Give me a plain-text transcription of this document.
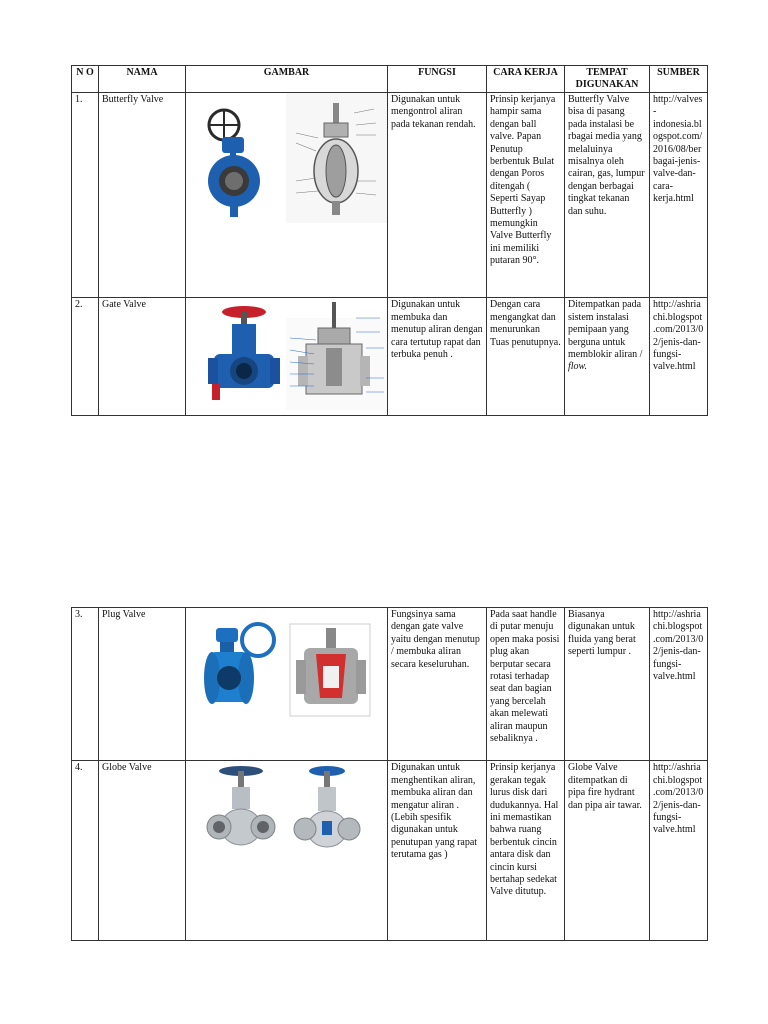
N O	NAMA	GAMBAR	FUNGSI	CARA KERJA	TEMPAT DIGUNAKAN	SUMBER
1.	Butterfly Valve		Digunakan untuk mengontrol aliran pada tekanan rendah.	Prinsip kerjanya hampir sama dengan ball valve. Papan Penutup berbentuk Bulat dengan Poros ditengah ( Seperti Sayap Butterfly ) memungkin Valve Butterfly ini memiliki putaran 90°.	Butterfly Valve bisa di pasang pada instalasi be rbagai media yang melaluinya misalnya oleh cairan, gas, lumpur dengan berbagai tingkat tekanan dan suhu.	http://valves-indonesia.blogspot.com/2016/08/berbagai-jenis-valve-dan-cara-kerja.html
2.	Gate Valve		Digunakan untuk membuka dan menutup aliran dengan cara tertutup rapat dan terbuka penuh .	Dengan cara mengangkat dan menurunkan Tuas penutupnya.	Ditempatkan pada sistem instalasi pemipaan yang berguna untuk memblokir aliran / flow.	http://ashriachi.blogspot.com/2013/02/jenis-dan-fungsi-valve.html
3.	Plug Valve		Fungsinya sama dengan gate valve yaitu dengan menutup / membuka aliran secara keseluruhan.	Pada saat handle di putar menuju open maka posisi plug akan berputar secara rotasi terhadap seat dan bagian yang bercelah akan melewati aliran maupun sebaliknya .	Biasanya digunakan untuk fluida yang berat seperti lumpur .	http://ashriachi.blogspot.com/2013/02/jenis-dan-fungsi-valve.html
4.	Globe Valve		Digunakan untuk menghentikan aliran, membuka aliran dan mengatur aliran . (Lebih spesifik digunakan untuk penutupan yang rapat terutama gas )	Prinsip kerjanya gerakan tegak lurus disk dari dudukannya. Hal ini memastikan bahwa ruang berbentuk cincin antara disk dan cincin kursi bertahap sedekat Valve ditutup.	Globe Valve ditempatkan di pipa fire hydrant dan pipa air tawar.	http://ashriachi.blogspot.com/2013/02/jenis-dan-fungsi-valve.html
